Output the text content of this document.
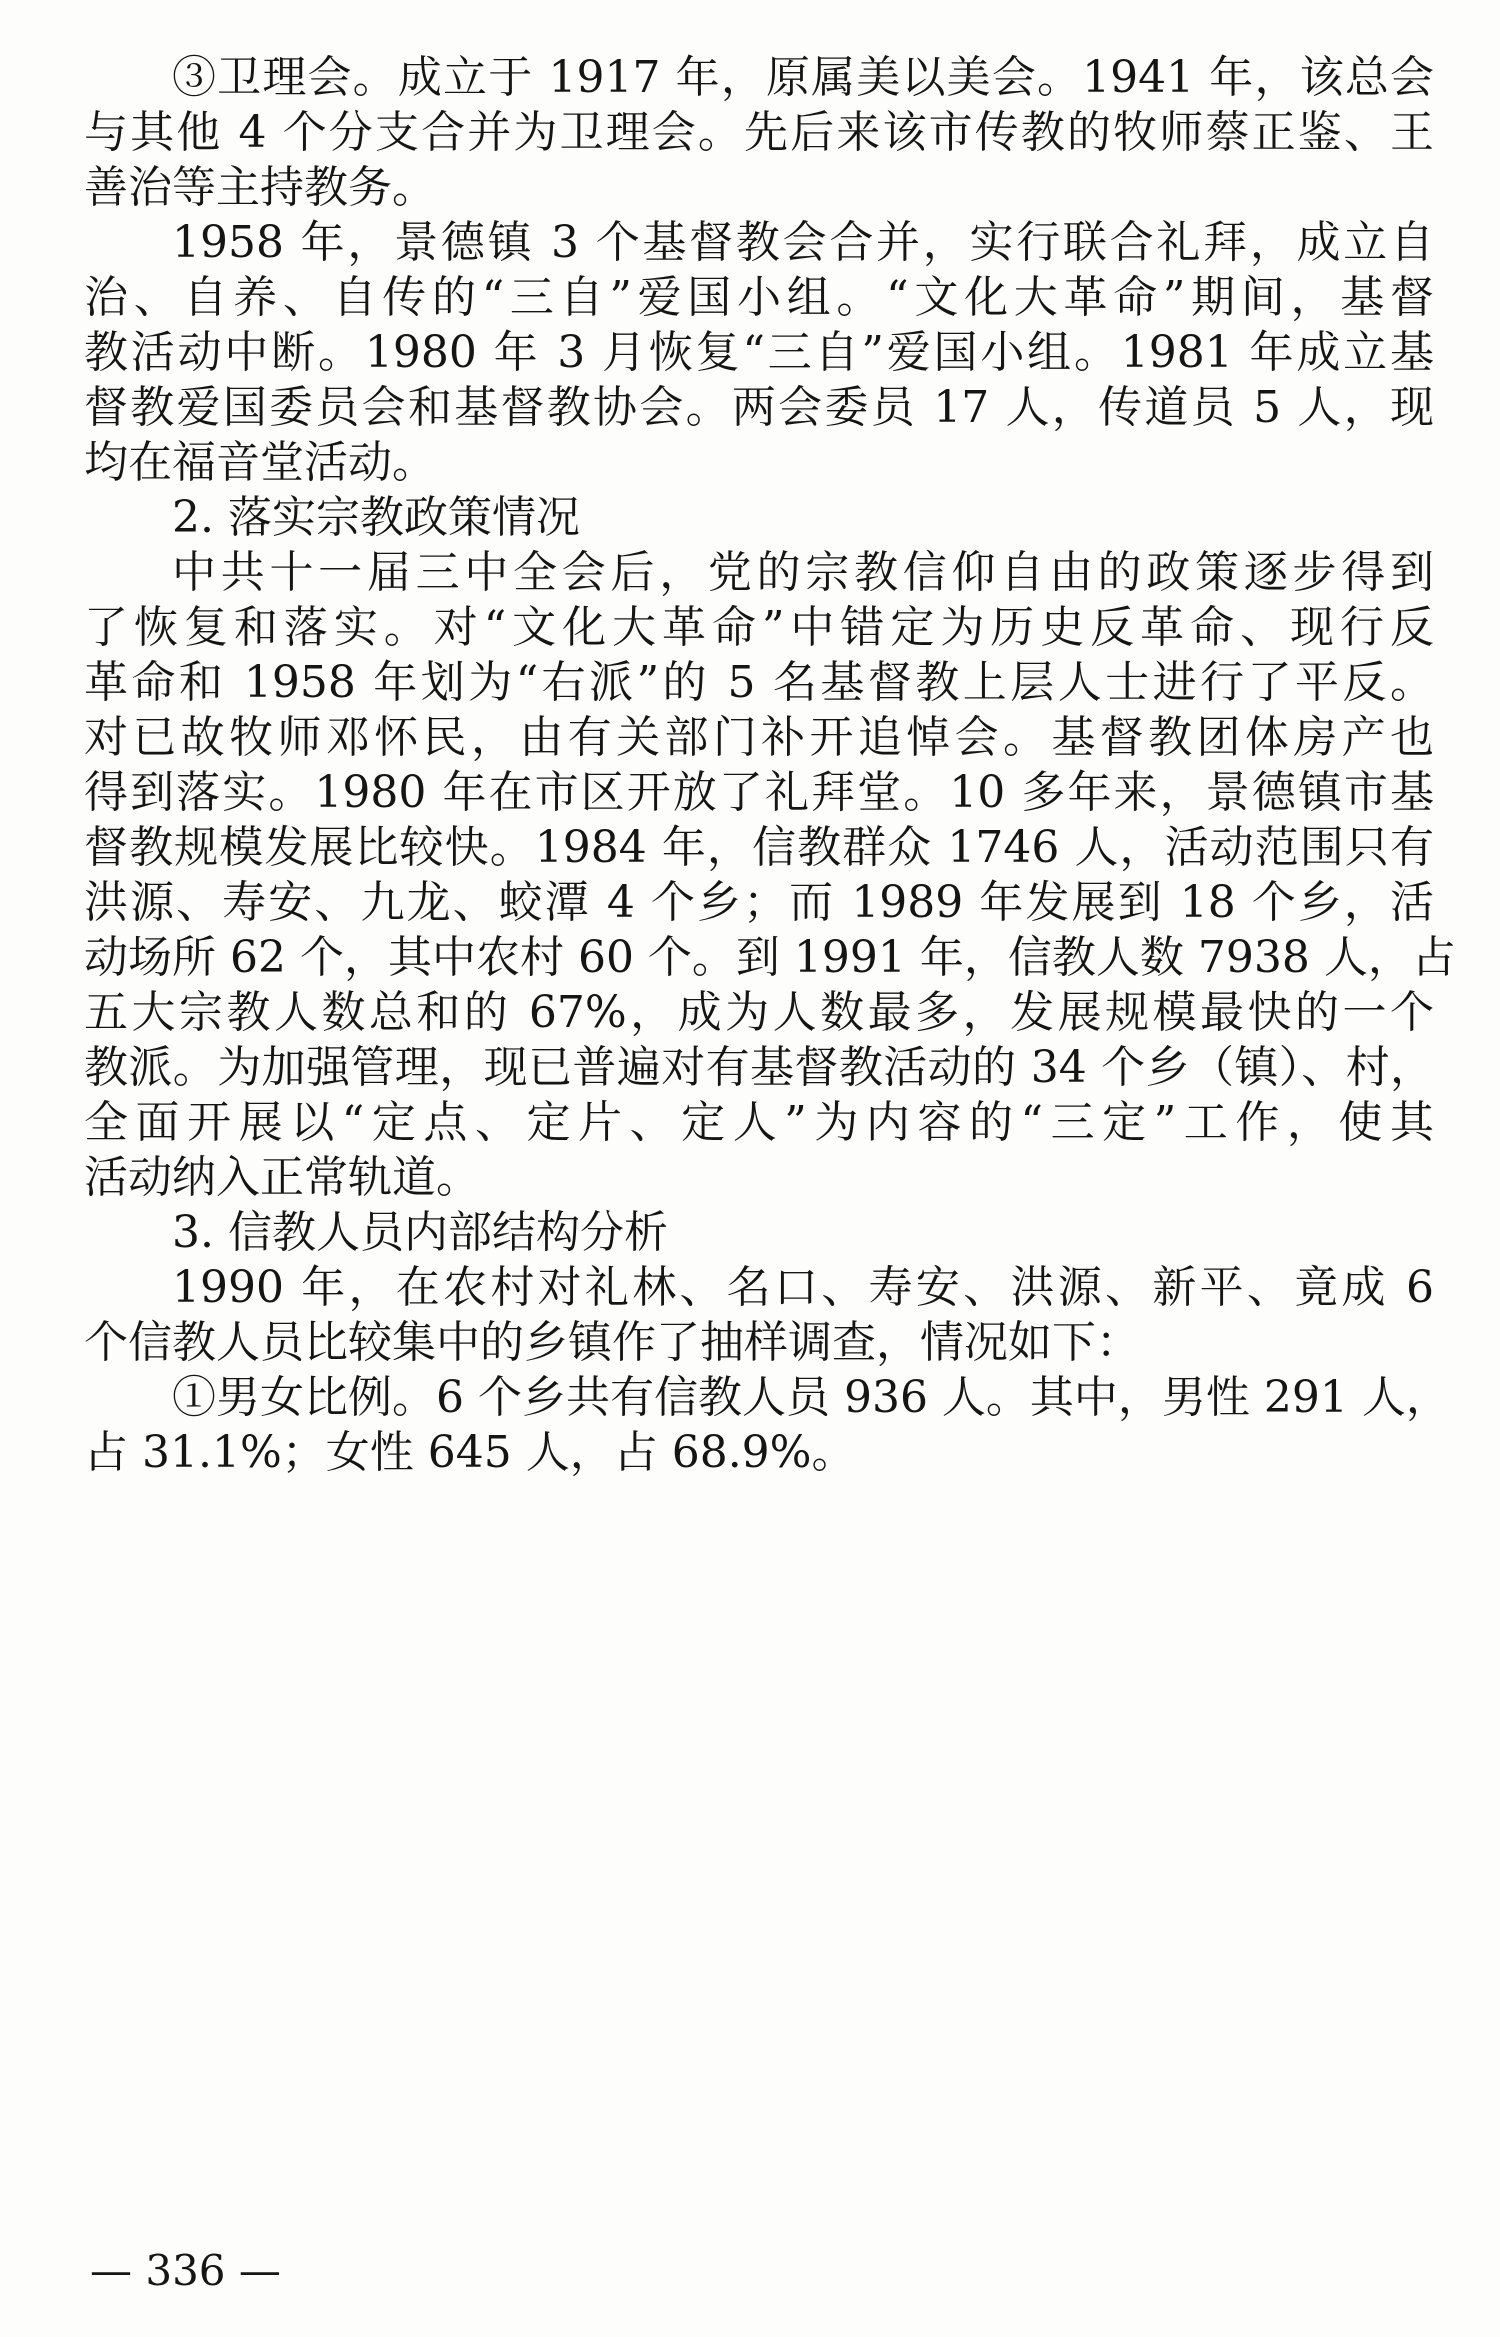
③卫理会。成立于 1917 年，原属美以美会。1941 年，该总会
与其他 4 个分支合并为卫理会。先后来该市传教的牧师蔡正鉴、王
善治等主持教务。
1958 年，景德镇 3 个基督教会合并，实行联合礼拜，成立自
治、自养、自传的“三自”爱国小组。“文化大革命”期间，基督
教活动中断。1980 年 3 月恢复“三自”爱国小组。1981 年成立基
督教爱国委员会和基督教协会。两会委员 17 人，传道员 5 人，现
均在福音堂活动。
2. 落实宗教政策情况
中共十一届三中全会后，党的宗教信仰自由的政策逐步得到
了恢复和落实。对“文化大革命”中错定为历史反革命、现行反
革命和 1958 年划为“右派”的 5 名基督教上层人士进行了平反。
对已故牧师邓怀民，由有关部门补开追悼会。基督教团体房产也
得到落实。1980 年在市区开放了礼拜堂。10 多年来，景德镇市基
督教规模发展比较快。1984 年，信教群众 1746 人，活动范围只有
洪源、寿安、九龙、蛟潭 4 个乡；而 1989 年发展到 18 个乡，活
动场所 62 个，其中农村 60 个。到 1991 年，信教人数 7938 人，占
五大宗教人数总和的 67%，成为人数最多，发展规模最快的一个
教派。为加强管理，现已普遍对有基督教活动的 34 个乡（镇）、村，
全面开展以“定点、定片、定人”为内容的“三定”工作，使其
活动纳入正常轨道。
3. 信教人员内部结构分析
1990 年，在农村对礼林、名口、寿安、洪源、新平、竟成 6
个信教人员比较集中的乡镇作了抽样调查，情况如下：
①男女比例。6 个乡共有信教人员 936 人。其中，男性 291 人，
占 31.1%；女性 645 人，占 68.9%。
— 336 —
